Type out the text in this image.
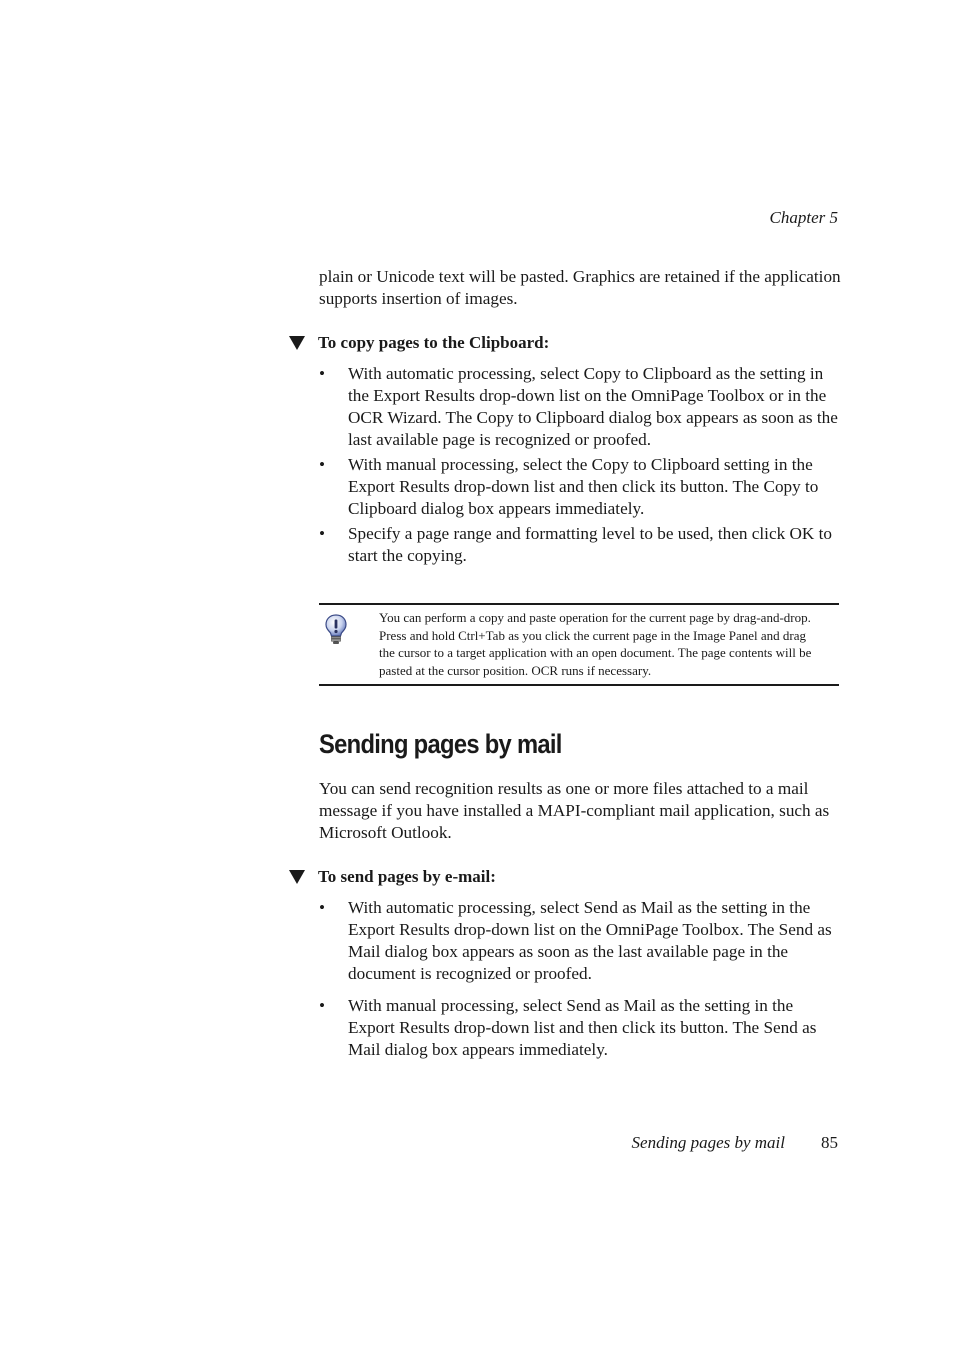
Chapter 5

plain or Unicode text will be pasted. Graphics are retained if the application supports insertion of images.

To copy pages to the Clipboard:
• With automatic processing, select Copy to Clipboard as the setting in the Export Results drop-down list on the OmniPage Toolbox or in the OCR Wizard. The Copy to Clipboard dialog box appears as soon as the last available page is recognized or proofed.
• With manual processing, select the Copy to Clipboard setting in the Export Results drop-down list and then click its button. The Copy to Clipboard dialog box appears immediately.
• Specify a page range and formatting level to be used, then click OK to start the copying.
You can perform a copy and paste operation for the current page by drag-and-drop. Press and hold Ctrl+Tab as you click the current page in the Image Panel and drag the cursor to a target application with an open document. The page contents will be pasted at the cursor position. OCR runs if necessary.
Sending pages by mail

You can send recognition results as one or more files attached to a mail message if you have installed a MAPI-compliant mail application, such as Microsoft Outlook.

To send pages by e-mail:
• With automatic processing, select Send as Mail as the setting in the Export Results drop-down list on the OmniPage Toolbox. The Send as Mail dialog box appears as soon as the last available page in the document is recognized or proofed.
• With manual processing, select Send as Mail as the setting in the Export Results drop-down list and then click its button. The Send as Mail dialog box appears immediately.
Sending pages by mail 85
